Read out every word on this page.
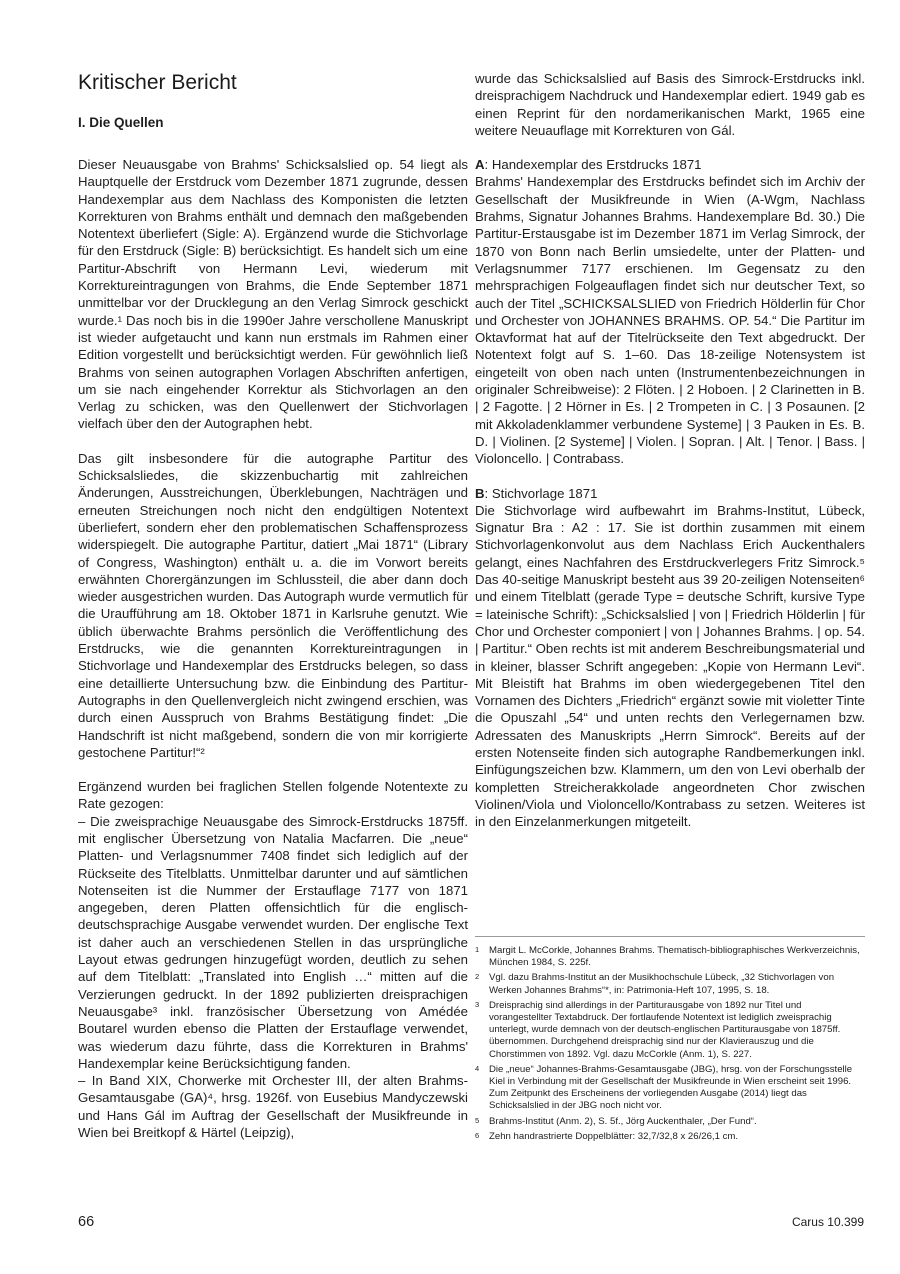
Kritischer Bericht
I. Die Quellen

Dieser Neuausgabe von Brahms' Schicksalslied op. 54 liegt als Hauptquelle der Erstdruck vom Dezember 1871 zugrunde, dessen Handexemplar aus dem Nachlass des Komponisten die letzten Korrekturen von Brahms enthält und demnach den maßgebenden Notentext überliefert (Sigle: A). Ergänzend wurde die Stichvorlage für den Erstdruck (Sigle: B) berücksichtigt. Es handelt sich um eine Partitur-Abschrift von Hermann Levi, wiederum mit Korrektureintragungen von Brahms, die Ende September 1871 unmittelbar vor der Drucklegung an den Verlag Simrock geschickt wurde.¹ Das noch bis in die 1990er Jahre verschollene Manuskript ist wieder aufgetaucht und kann nun erstmals im Rahmen einer Edition vorgestellt und berücksichtigt werden. Für gewöhnlich ließ Brahms von seinen autographen Vorlagen Abschriften anfertigen, um sie nach eingehender Korrektur als Stichvorlagen an den Verlag zu schicken, was den Quellenwert der Stichvorlagen vielfach über den der Autographen hebt.

Das gilt insbesondere für die autographe Partitur des Schicksalsliedes, die skizzenbuchartig mit zahlreichen Änderungen, Ausstreichungen, Überklebungen, Nachträgen und erneuten Streichungen noch nicht den endgültigen Notentext überliefert, sondern eher den problematischen Schaffensprozess widerspiegelt. Die autographe Partitur, datiert „Mai 1871“ (Library of Congress, Washington) enthält u. a. die im Vorwort bereits erwähnten Chorergänzungen im Schlussteil, die aber dann doch wieder ausgestrichen wurden. Das Autograph wurde vermutlich für die Uraufführung am 18. Oktober 1871 in Karlsruhe genutzt. Wie üblich überwachte Brahms persönlich die Veröffentlichung des Erstdrucks, wie die genannten Korrektureintragungen in Stichvorlage und Handexemplar des Erstdrucks belegen, so dass eine detaillierte Untersuchung bzw. die Einbindung des Partitur-Autographs in den Quellenvergleich nicht zwingend erschien, was durch einen Ausspruch von Brahms Bestätigung findet: „Die Handschrift ist nicht maßgebend, sondern die von mir korrigierte gestochene Partitur!“²

Ergänzend wurden bei fraglichen Stellen folgende Notentexte zu Rate gezogen:

– Die zweisprachige Neuausgabe des Simrock-Erstdrucks 1875ff. mit englischer Übersetzung von Natalia Macfarren. Die „neue“ Platten- und Verlagsnummer 7408 findet sich lediglich auf der Rückseite des Titelblatts. Unmittelbar darunter und auf sämtlichen Notenseiten ist die Nummer der Erstauflage 7177 von 1871 angegeben, deren Platten offensichtlich für die englisch-deutschsprachige Ausgabe verwendet wurden. Der englische Text ist daher auch an verschiedenen Stellen in das ursprüngliche Layout etwas gedrungen hinzugefügt worden, deutlich zu sehen auf dem Titelblatt: „Translated into English …“ mitten auf die Verzierungen gedruckt. In der 1892 publizierten dreisprachigen Neuausgabe³ inkl. französischer Übersetzung von Amédée Boutarel wurden ebenso die Platten der Erstauflage verwendet, was wiederum dazu führte, dass die Korrekturen in Brahms' Handexemplar keine Berücksichtigung fanden.

– In Band XIX, Chorwerke mit Orchester III, der alten Brahms-Gesamtausgabe (GA)⁴, hrsg. 1926f. von Eusebius Mandyczewski und Hans Gál im Auftrag der Gesellschaft der Musikfreunde in Wien bei Breitkopf & Härtel (Leipzig),

wurde das Schicksalslied auf Basis des Simrock-Erstdrucks inkl. dreisprachigem Nachdruck und Handexemplar ediert. 1949 gab es einen Reprint für den nordamerikanischen Markt, 1965 eine weitere Neuauflage mit Korrekturen von Gál.

A: Handexemplar des Erstdrucks 1871
Brahms' Handexemplar des Erstdrucks befindet sich im Archiv der Gesellschaft der Musikfreunde in Wien (A-Wgm, Nachlass Brahms, Signatur Johannes Brahms. Handexemplare Bd. 30.) Die Partitur-Erstausgabe ist im Dezember 1871 im Verlag Simrock, der 1870 von Bonn nach Berlin umsiedelte, unter der Platten- und Verlagsnummer 7177 erschienen. Im Gegensatz zu den mehrsprachigen Folgeauflagen findet sich nur deutscher Text, so auch der Titel „SCHICKSALSLIED von Friedrich Hölderlin für Chor und Orchester von JOHANNES BRAHMS. OP. 54.“ Die Partitur im Oktavformat hat auf der Titelrückseite den Text abgedruckt. Der Notentext folgt auf S. 1–60. Das 18-zeilige Notensystem ist eingeteilt von oben nach unten (Instrumentenbezeichnungen in originaler Schreibweise): 2 Flöten. | 2 Hoboen. | 2 Clarinetten in B. | 2 Fagotte. | 2 Hörner in Es. | 2 Trompeten in C. | 3 Posaunen. [2 mit Akkoladenklammer verbundene Systeme] | 3 Pauken in Es. B. D. | Violinen. [2 Systeme] | Violen. | Sopran. | Alt. | Tenor. | Bass. | Violoncello. | Contrabass.

B: Stichvorlage 1871
Die Stichvorlage wird aufbewahrt im Brahms-Institut, Lübeck, Signatur Bra : A2 : 17. Sie ist dorthin zusammen mit einem Stichvorlagenkonvolut aus dem Nachlass Erich Auckenthalers gelangt, eines Nachfahren des Erstdruckverlegers Fritz Simrock.⁵ Das 40-seitige Manuskript besteht aus 39 20-zeiligen Notenseiten⁶ und einem Titelblatt (gerade Type = deutsche Schrift, kursive Type = lateinische Schrift): „Schicksalslied | von | Friedrich Hölderlin | für Chor und Orchester componiert | von | Johannes Brahms. | op. 54. | Partitur.“ Oben rechts ist mit anderem Beschreibungsmaterial und in kleiner, blasser Schrift angegeben: „Kopie von Hermann Levi“. Mit Bleistift hat Brahms im oben wiedergegebenen Titel den Vornamen des Dichters „Friedrich“ ergänzt sowie mit violetter Tinte die Opuszahl „54“ und unten rechts den Verlegernamen bzw. Adressaten des Manuskripts „Herrn Simrock“. Bereits auf der ersten Notenseite finden sich autographe Randbemerkungen inkl. Einfügungszeichen bzw. Klammern, um den von Levi oberhalb der kompletten Streicherakkolade angeordneten Chor zwischen Violinen/Viola und Violoncello/Kontrabass zu setzen. Weiteres ist in den Einzelanmerkungen mitgeteilt.

1 Margit L. McCorkle, Johannes Brahms. Thematisch-bibliographisches Werkverzeichnis, München 1984, S. 225f.
2 Vgl. dazu Brahms-Institut an der Musikhochschule Lübeck, „32 Stichvorlagen von Werken Johannes Brahms“*, in: Patrimonia-Heft 107, 1995, S. 18.
3 Dreisprachig sind allerdings in der Partiturausgabe von 1892 nur Titel und vorangestellter Textabdruck. Der fortlaufende Notentext ist lediglich zweisprachig unterlegt, wurde demnach von der deutsch-englischen Partiturausgabe von 1875ff. übernommen. Durchgehend dreisprachig sind nur der Klavierauszug und die Chorstimmen von 1892. Vgl. dazu McCorkle (Anm. 1), S. 227.
4 Die „neue“ Johannes-Brahms-Gesamtausgabe (JBG), hrsg. von der Forschungsstelle Kiel in Verbindung mit der Gesellschaft der Musikfreunde in Wien erscheint seit 1996. Zum Zeitpunkt des Erscheinens der vorliegenden Ausgabe (2014) liegt das Schicksalslied in der JBG noch nicht vor.
5 Brahms-Institut (Anm. 2), S. 5f., Jörg Auckenthaler, „Der Fund“.
6 Zehn handrastrierte Doppelblätter: 32,7/32,8 x 26/26,1 cm.
66	Carus 10.399
